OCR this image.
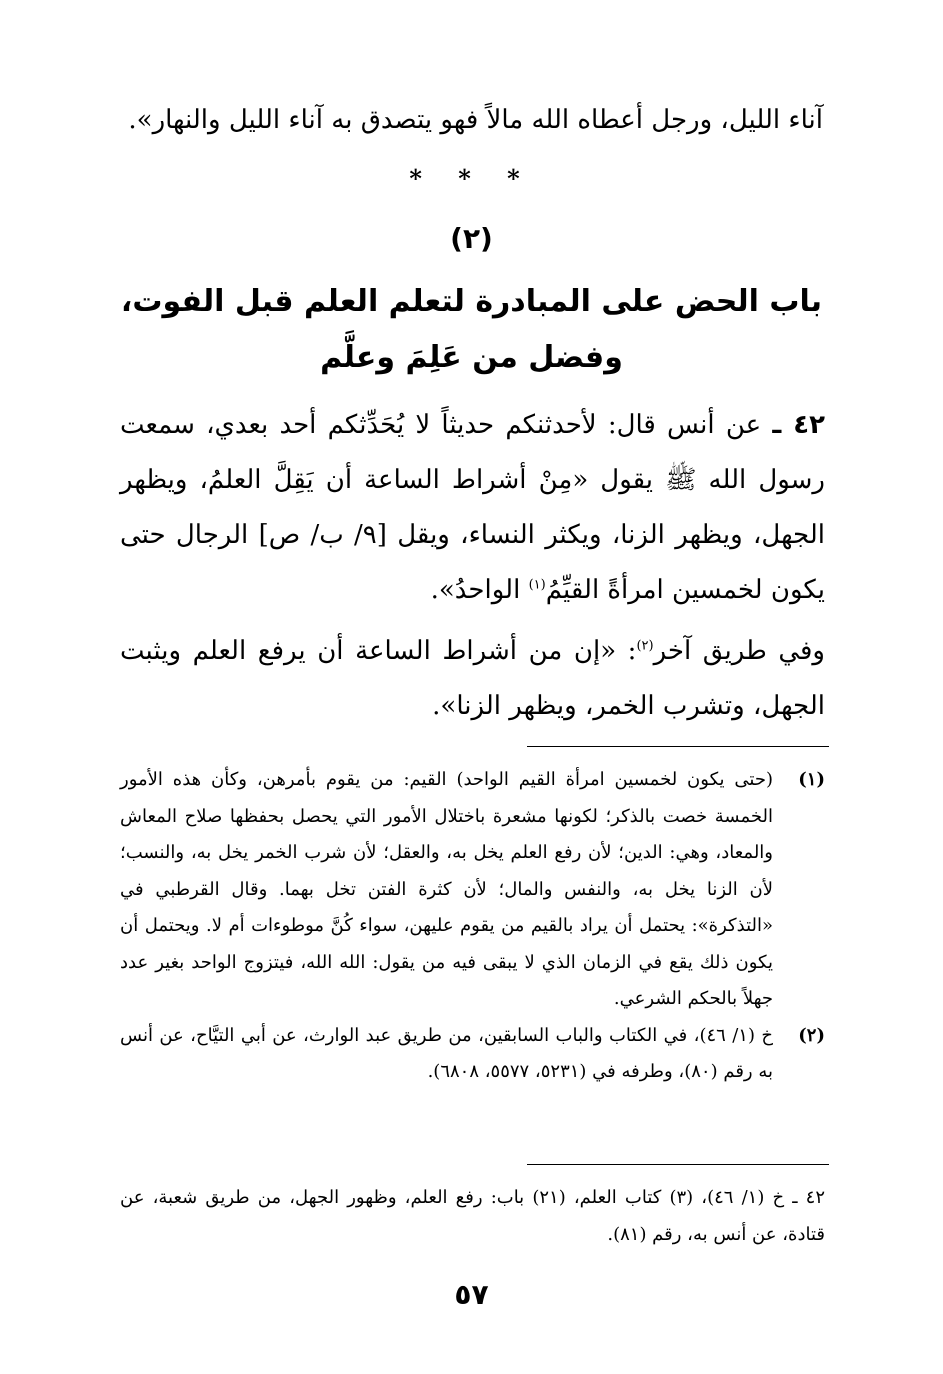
آناء الليل، ورجل أعطاه الله مالاً فهو يتصدق به آناء الليل والنهار».
* * *
(٢)
باب الحض على المبادرة لتعلم العلم قبل الفوت،
وفضل من عَلِمَ وعلَّم

٤٢ ـ عن أنس قال: لأحدثنكم حديثاً لا يُحَدِّثكم أحد بعدي، سمعت رسول الله ﷺ يقول «مِنْ أشراط الساعة أن يَقِلَّ العلمُ، ويظهر الجهل، ويظهر الزنا، ويكثر النساء، ويقل [٩/ ب/ ص] الرجال حتى يكون لخمسين امرأةً القيِّمُ$^{(١)}$ الواحدُ».

وفي طريق آخر$^{(٢)}$: «إن من أشراط الساعة أن يرفع العلم ويثبت الجهل، وتشرب الخمر، ويظهر الزنا».

(١)
(حتى يكون لخمسين امرأة القيم الواحد) القيم: من يقوم بأمرهن، وكأن هذه الأمور الخمسة خصت بالذكر؛ لكونها مشعرة باختلال الأمور التي يحصل بحفظها صلاح المعاش والمعاد، وهي: الدين؛ لأن رفع العلم يخل به، والعقل؛ لأن شرب الخمر يخل به، والنسب؛ لأن الزنا يخل به، والنفس والمال؛ لأن كثرة الفتن تخل بهما. وقال القرطبي في «التذكرة»: يحتمل أن يراد بالقيم من يقوم عليهن، سواء كُنَّ موطوءات أم لا. ويحتمل أن يكون ذلك يقع في الزمان الذي لا يبقى فيه من يقول: الله الله، فيتزوج الواحد بغير عدد جهلاً بالحكم الشرعي.

(٢)
خ (١/ ٤٦)، في الكتاب والباب السابقين، من طريق عبد الوارث، عن أبي التيَّاح، عن أنس به رقم (٨٠)، وطرفه في (٥٢٣١، ٥٥٧٧، ٦٨٠٨).

٤٢ ـ خ (١/ ٤٦)، (٣) كتاب العلم، (٢١) باب: رفع العلم، وظهور الجهل، من طريق شعبة، عن قتادة، عن أنس به، رقم (٨١).
٥٧
